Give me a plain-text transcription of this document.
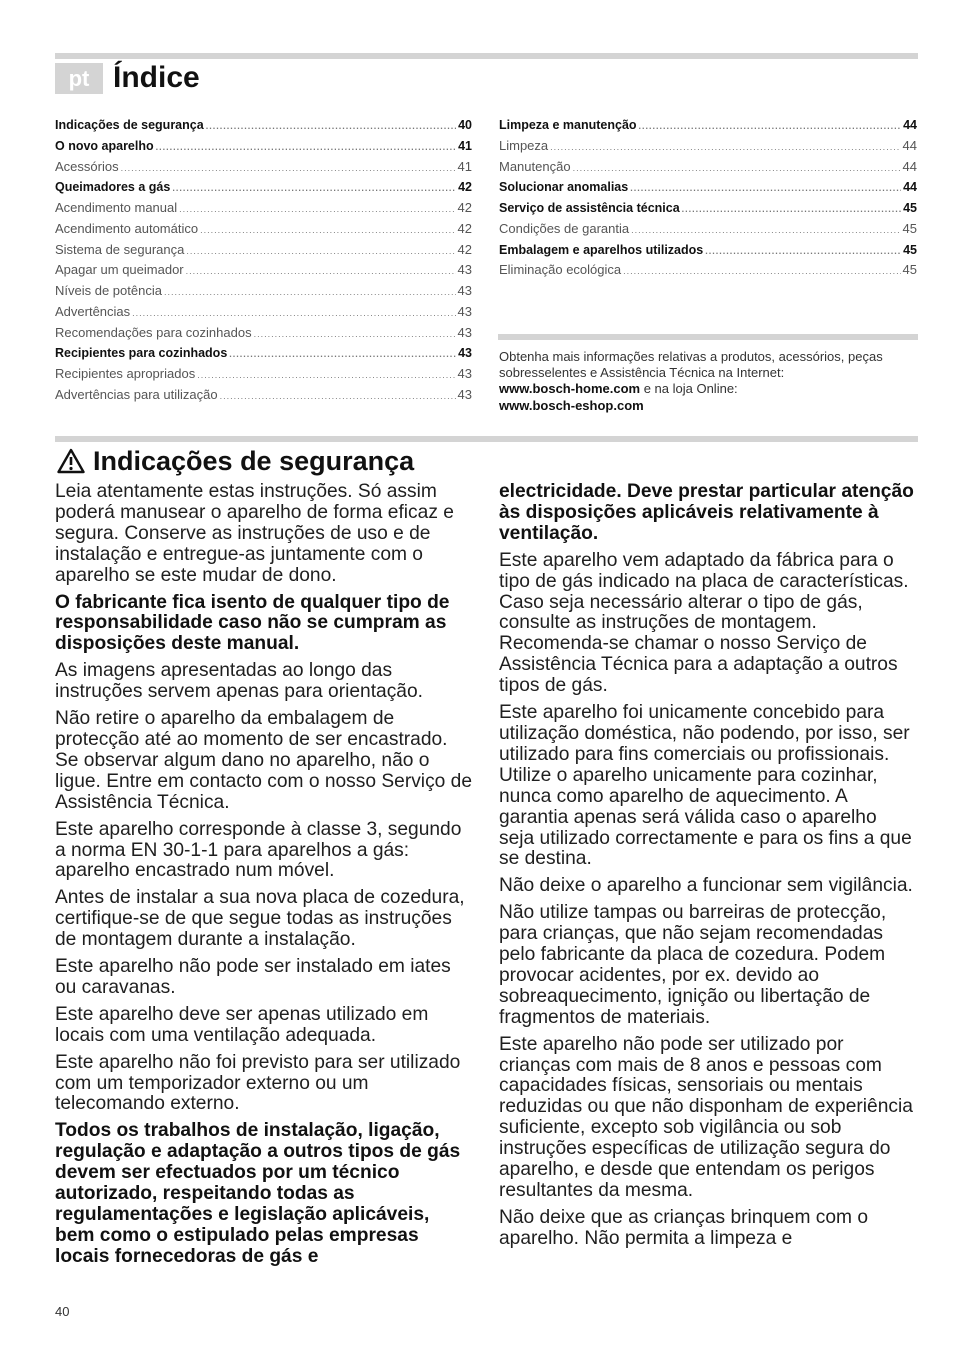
pt Índice
Indicações de segurança .....	40
O novo aparelho .....	41
Acessórios .....	41
Queimadores a gás .....	42
Acendimento manual .....	42
Acendimento automático .....	42
Sistema de segurança .....	42
Apagar um queimador .....	43
Níveis de potência .....	43
Advertências .....	43
Recomendações para cozinhados .....	43
Recipientes para cozinhados .....	43
Recipientes apropriados .....	43
Advertências para utilização .....	43
Limpeza e manutenção .....	44
Limpeza .....	44
Manutenção .....	44
Solucionar anomalias .....	44
Serviço de assistência técnica .....	45
Condições de garantia .....	45
Embalagem e aparelhos utilizados .....	45
Eliminação ecológica .....	45
Obtenha mais informações relativas a produtos, acessórios, peças sobresselentes e Assistência Técnica na Internet:
www.bosch-home.com e na loja Online:
www.bosch-eshop.com
Indicações de segurança

Leia atentamente estas instruções. Só assim poderá manusear o aparelho de forma eficaz e segura. Conserve as instruções de uso e de instalação e entregue-as juntamente com o aparelho se este mudar de dono.

O fabricante fica isento de qualquer tipo de responsabilidade caso não se cumpram as disposições deste manual.

As imagens apresentadas ao longo das instruções servem apenas para orientação.

Não retire o aparelho da embalagem de protecção até ao momento de ser encastrado. Se observar algum dano no aparelho, não o ligue. Entre em contacto com o nosso Serviço de Assistência Técnica.

Este aparelho corresponde à classe 3, segundo a norma EN 30-1-1 para aparelhos a gás: aparelho encastrado num móvel.

Antes de instalar a sua nova placa de cozedura, certifique-se de que segue todas as instruções de montagem durante a instalação.

Este aparelho não pode ser instalado em iates ou caravanas.

Este aparelho deve ser apenas utilizado em locais com uma ventilação adequada.

Este aparelho não foi previsto para ser utilizado com um temporizador externo ou um telecomando externo.

Todos os trabalhos de instalação, ligação, regulação e adaptação a outros tipos de gás devem ser efectuados por um técnico autorizado, respeitando todas as regulamentações e legislação aplicáveis, bem como o estipulado pelas empresas locais fornecedoras de gás e

electricidade. Deve prestar particular atenção às disposições aplicáveis relativamente à ventilação.

Este aparelho vem adaptado da fábrica para o tipo de gás indicado na placa de características. Caso seja necessário alterar o tipo de gás, consulte as instruções de montagem. Recomenda-se chamar o nosso Serviço de Assistência Técnica para a adaptação a outros tipos de gás.

Este aparelho foi unicamente concebido para utilização doméstica, não podendo, por isso, ser utilizado para fins comerciais ou profissionais. Utilize o aparelho unicamente para cozinhar, nunca como aparelho de aquecimento. A garantia apenas será válida caso o aparelho seja utilizado correctamente e para os fins a que se destina.

Não deixe o aparelho a funcionar sem vigilância.

Não utilize tampas ou barreiras de protecção, para crianças, que não sejam recomendadas pelo fabricante da placa de cozedura. Podem provocar acidentes, por ex. devido ao sobreaquecimento, ignição ou libertação de fragmentos de materiais.

Este aparelho não pode ser utilizado por crianças com mais de 8 anos e pessoas com capacidades físicas, sensoriais ou mentais reduzidas ou que não disponham de experiência suficiente, excepto sob vigilância ou sob instruções específicas de utilização segura do aparelho, e desde que entendam os perigos resultantes da mesma.

Não deixe que as crianças brinquem com o aparelho. Não permita a limpeza e

40
